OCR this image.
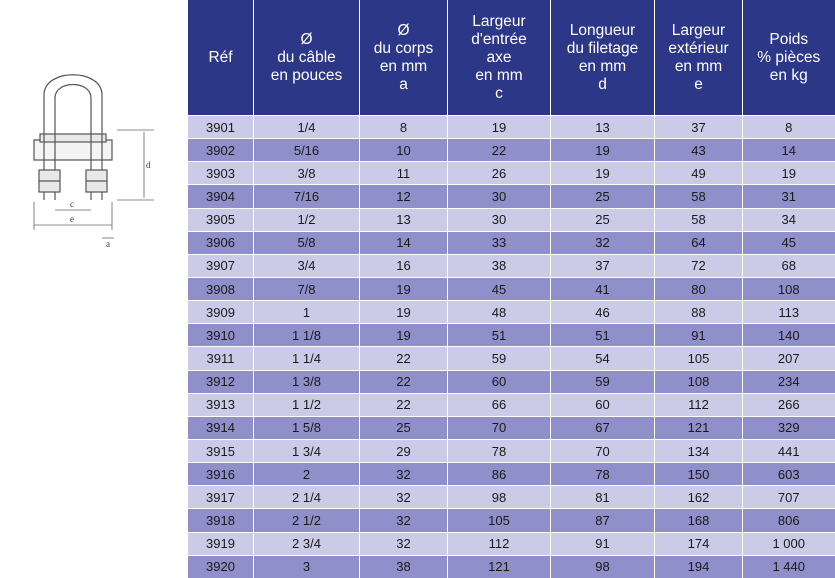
d
c
e
a
Réf	Ø
du câble
en pouces	Ø
du corps
en mm
a	Largeur
d'entrée
axe
en mm
c	Longueur
du filetage
en mm
d	Largeur
extérieur
en mm
e	Poids
% pièces
en kg

3901	1/4	8	19	13	37	8
3902	5/16	10	22	19	43	14
3903	3/8	11	26	19	49	19
3904	7/16	12	30	25	58	31
3905	1/2	13	30	25	58	34
3906	5/8	14	33	32	64	45
3907	3/4	16	38	37	72	68
3908	7/8	19	45	41	80	108
3909	1	19	48	46	88	113
3910	1 1/8	19	51	51	91	140
3911	1 1/4	22	59	54	105	207
3912	1 3/8	22	60	59	108	234
3913	1 1/2	22	66	60	112	266
3914	1 5/8	25	70	67	121	329
3915	1 3/4	29	78	70	134	441
3916	2	32	86	78	150	603
3917	2 1/4	32	98	81	162	707
3918	2 1/2	32	105	87	168	806
3919	2 3/4	32	112	91	174	1 000
3920	3	38	121	98	194	1 440
